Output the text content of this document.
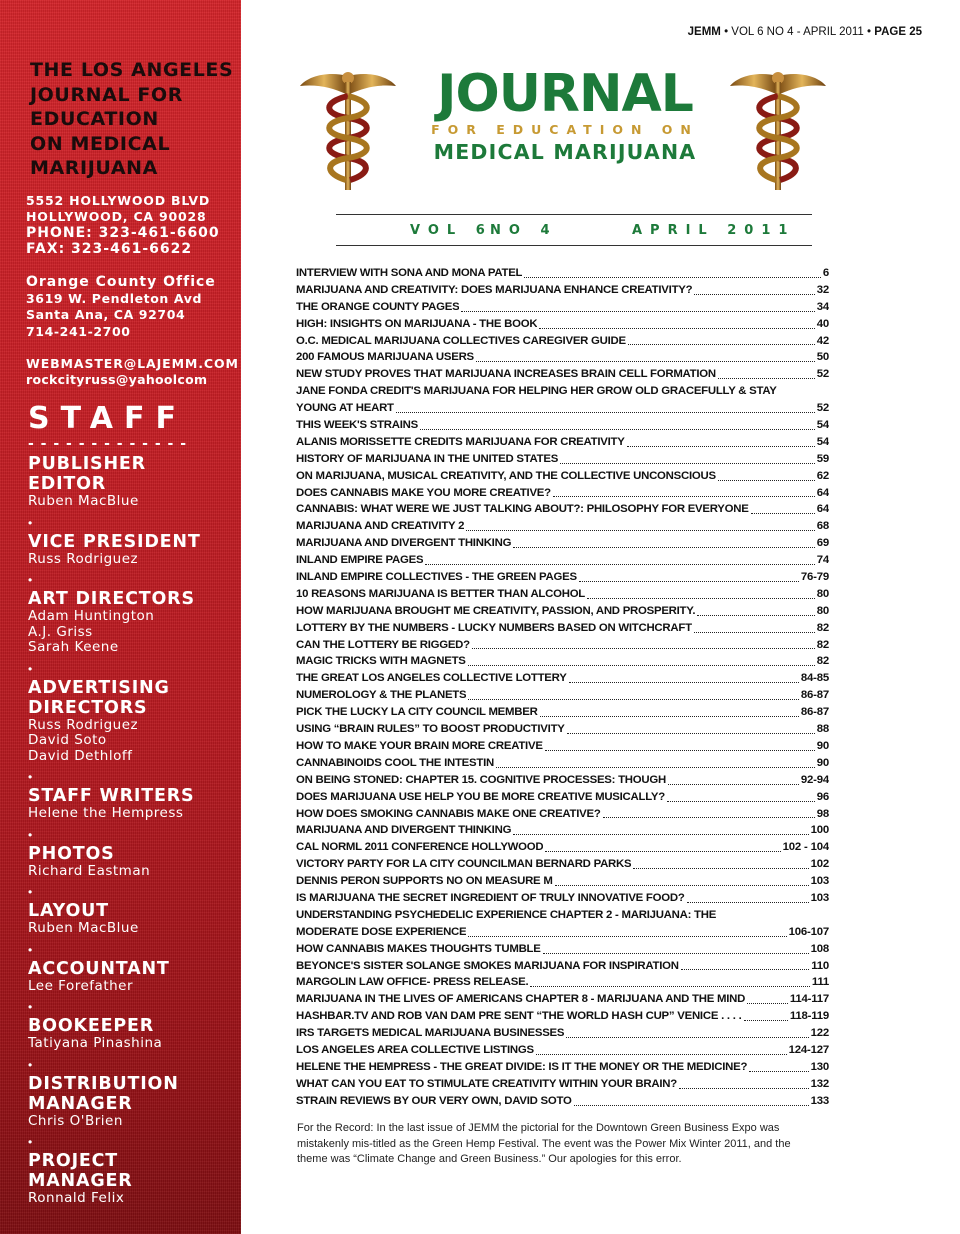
THE LOS ANGELES
JOURNAL FOR
EDUCATION
ON MEDICAL
MARIJUANA
5552 HOLLYWOOD BLVD
HOLLYWOOD, CA 90028
PHONE: 323-461-6600
FAX: 323-461-6622
Orange County Office
3619 W. Pendleton Avd
Santa Ana, CA 92704
714-241-2700
WEBMASTER@LAJEMM.COM
rockcityruss@yahoolcom
STAFF
- - - - - - - - - - - - -
PUBLISHER
EDITOR
Ruben MacBlue
•
VICE PRESIDENT
Russ Rodriguez
•
ART DIRECTORS
Adam Huntington
A.J. Griss
Sarah Keene
•
ADVERTISING
DIRECTORS
Russ Rodriguez
David Soto
David Dethloff
•
STAFF WRITERS
Helene the Hempress
•
PHOTOS
Richard Eastman
•
LAYOUT
Ruben MacBlue
•
ACCOUNTANT
Lee Forefather
•
BOOKEEPER
Tatiyana Pinashina
•
DISTRIBUTION
MANAGER
Chris O'Brien
•
PROJECT
MANAGER
Ronnald Felix
JEMM • VOL 6 NO 4 - APRIL 2011 • PAGE 25
JOURNAL
FOR EDUCATION ON
MEDICAL MARIJUANA
VOL 6
NO 4	APRIL 2011
INTERVIEW WITH SONA AND MONA PATEL	6
MARIJUANA AND CREATIVITY: DOES MARIJUANA ENHANCE CREATIVITY?	32
THE ORANGE COUNTY PAGES	34
HIGH: INSIGHTS ON MARIJUANA - THE BOOK	40
O.C. MEDICAL MARIJUANA COLLECTIVES CAREGIVER GUIDE	42
200 FAMOUS MARIJUANA USERS	50
NEW STUDY PROVES THAT MARIJUANA INCREASES BRAIN CELL FORMATION	52
JANE FONDA CREDIT'S MARIJUANA FOR HELPING HER GROW OLD GRACEFULLY & STAY
YOUNG AT HEART	52
THIS WEEK'S STRAINS	54
ALANIS MORISSETTE CREDITS MARIJUANA FOR CREATIVITY	54
HISTORY OF MARIJUANA IN THE UNITED STATES	59
ON MARIJUANA, MUSICAL CREATIVITY, AND THE COLLECTIVE UNCONSCIOUS	62
DOES CANNABIS MAKE YOU MORE CREATIVE?	64
CANNABIS: WHAT WERE WE JUST TALKING ABOUT?: PHILOSOPHY FOR EVERYONE	64
MARIJUANA AND CREATIVITY 2	68
MARIJUANA AND DIVERGENT THINKING	69
INLAND EMPIRE PAGES	74
INLAND EMPIRE COLLECTIVES - THE GREEN PAGES	76-79
10 REASONS MARIJUANA IS BETTER THAN ALCOHOL	80
HOW MARIJUANA BROUGHT ME CREATIVITY, PASSION, AND PROSPERITY.	80
LOTTERY BY THE NUMBERS - LUCKY NUMBERS BASED ON WITCHCRAFT	82
CAN THE LOTTERY BE RIGGED?	82
MAGIC TRICKS WITH MAGNETS	82
THE GREAT LOS ANGELES COLLECTIVE LOTTERY	84-85
NUMEROLOGY & THE PLANETS	86-87
PICK THE LUCKY LA CITY COUNCIL MEMBER	86-87
USING “BRAIN RULES” TO BOOST PRODUCTIVITY	88
HOW TO MAKE YOUR BRAIN MORE CREATIVE	90
CANNABINOIDS COOL THE INTESTIN	90
ON BEING STONED: CHAPTER 15. COGNITIVE PROCESSES: THOUGH	92-94
DOES MARIJUANA USE HELP YOU BE MORE CREATIVE MUSICALLY?	96
HOW DOES SMOKING CANNABIS MAKE ONE CREATIVE?	98
MARIJUANA AND DIVERGENT THINKING	100
CAL NORML 2011 CONFERENCE HOLLYWOOD	102 - 104
VICTORY PARTY FOR LA CITY COUNCILMAN BERNARD PARKS	102
DENNIS PERON SUPPORTS NO ON MEASURE M	103
IS MARIJUANA THE SECRET INGREDIENT OF TRULY INNOVATIVE FOOD?	103
UNDERSTANDING PSYCHEDELIC EXPERIENCE CHAPTER 2 - MARIJUANA: THE
MODERATE DOSE EXPERIENCE	106-107
HOW CANNABIS MAKES THOUGHTS TUMBLE	108
BEYONCE'S SISTER SOLANGE SMOKES MARIJUANA FOR INSPIRATION	110
MARGOLIN LAW OFFICE- PRESS RELEASE.	111
MARIJUANA IN THE LIVES OF AMERICANS CHAPTER 8 - MARIJUANA AND THE MIND	114-117
HASHBAR.TV AND ROB VAN DAM PRE SENT “THE WORLD HASH CUP” VENICE . . . .	118-119
IRS TARGETS MEDICAL MARIJUANA BUSINESSES	122
LOS ANGELES AREA COLLECTIVE LISTINGS	124-127
HELENE THE HEMPRESS - THE GREAT DIVIDE: IS IT THE MONEY OR THE MEDICINE?	130
WHAT CAN YOU EAT TO STIMULATE CREATIVITY WITHIN YOUR BRAIN?	132
STRAIN REVIEWS BY OUR VERY OWN, DAVID SOTO	133
For the Record: In the last issue of JEMM the pictorial for the Downtown Green Business Expo was mistakenly mis-titled as the Green Hemp Festival. The event was the Power Mix Winter 2011, and the theme was “Climate Change and Green Business.” Our apologies for this error.
